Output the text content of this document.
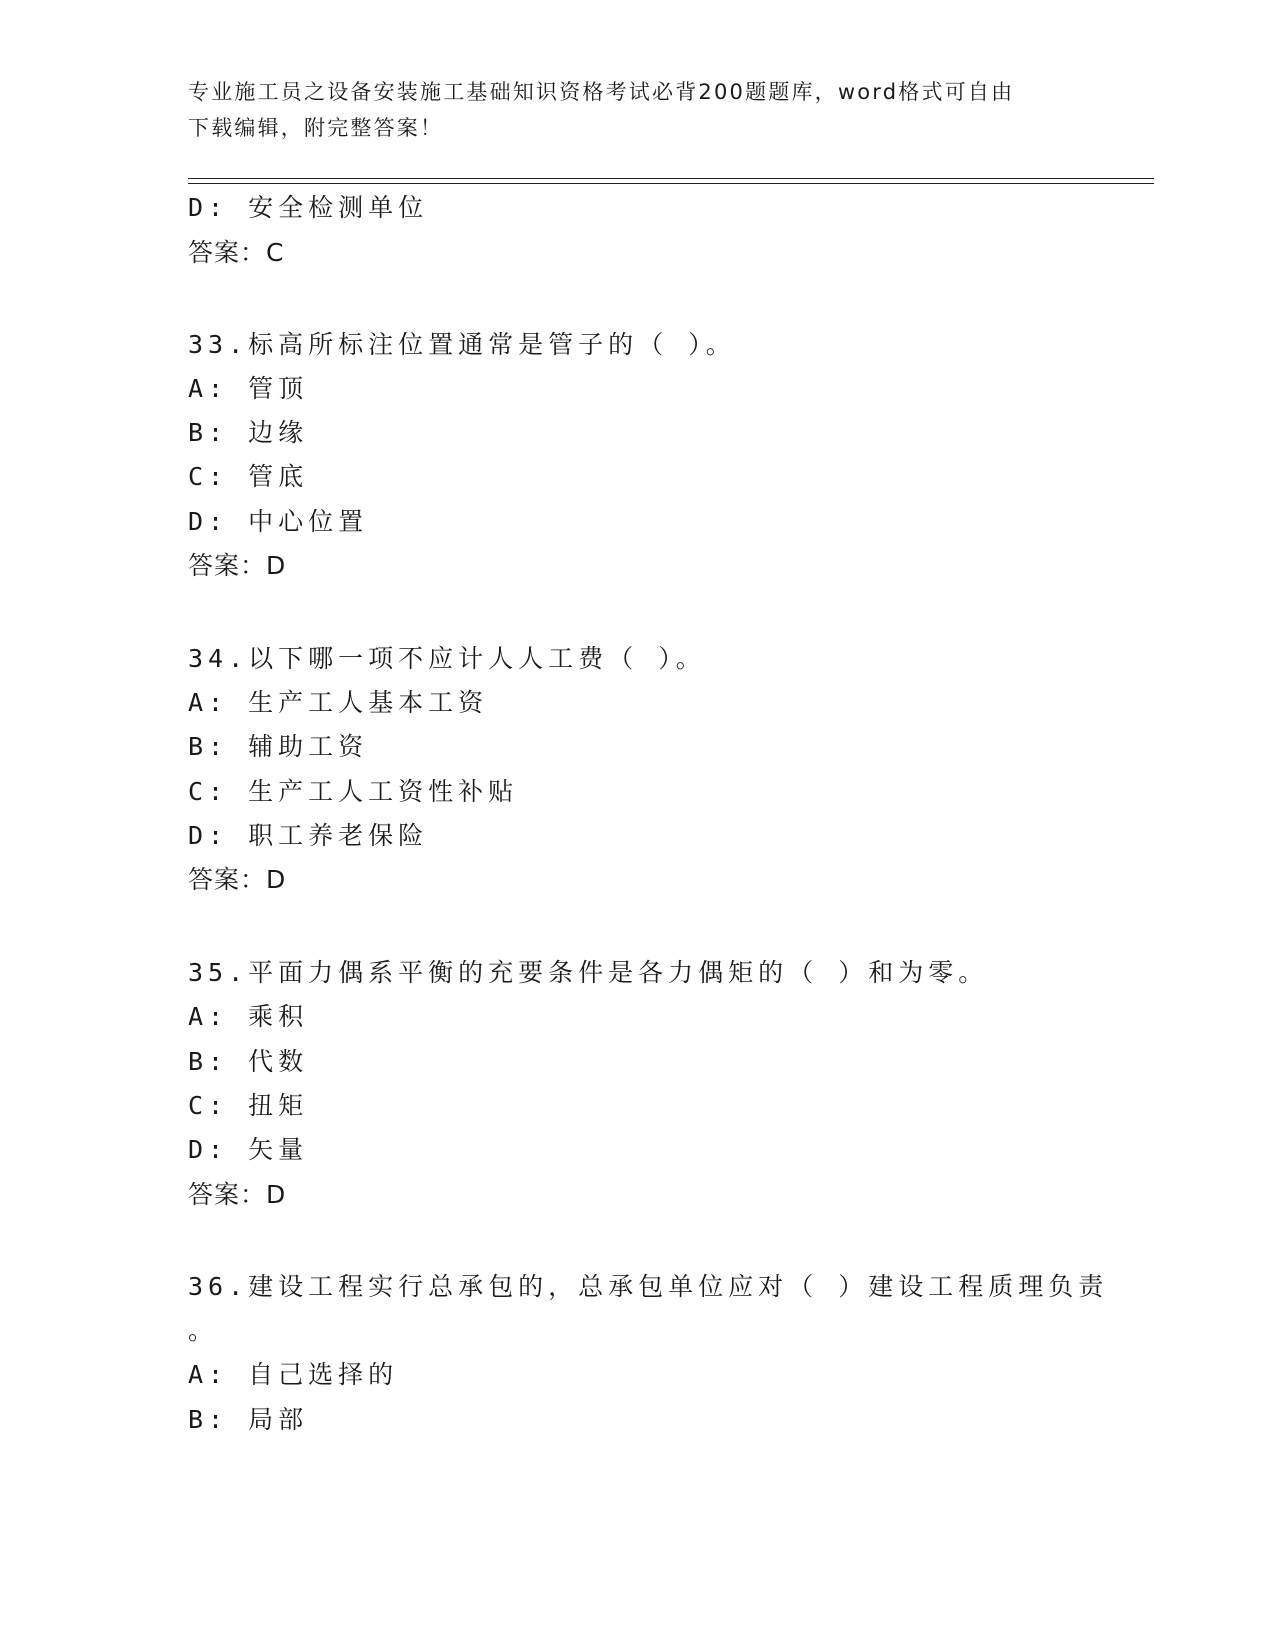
专业施工员之设备安装施工基础知识资格考试必背200题题库，word格式可自由
下载编辑，附完整答案！
D: 安全检测单位
答案：C
33.标高所标注位置通常是管子的（ ）。
A: 管顶
B: 边缘
C: 管底
D: 中心位置
答案：D
34.以下哪一项不应计人人工费（ ）。
A: 生产工人基本工资
B: 辅助工资
C: 生产工人工资性补贴
D: 职工养老保险
答案：D
35.平面力偶系平衡的充要条件是各力偶矩的（ ）和为零。
A: 乘积
B: 代数
C: 扭矩
D: 矢量
答案：D
36.建设工程实行总承包的，总承包单位应对（ ）建设工程质理负责
。
A: 自己选择的
B: 局部
